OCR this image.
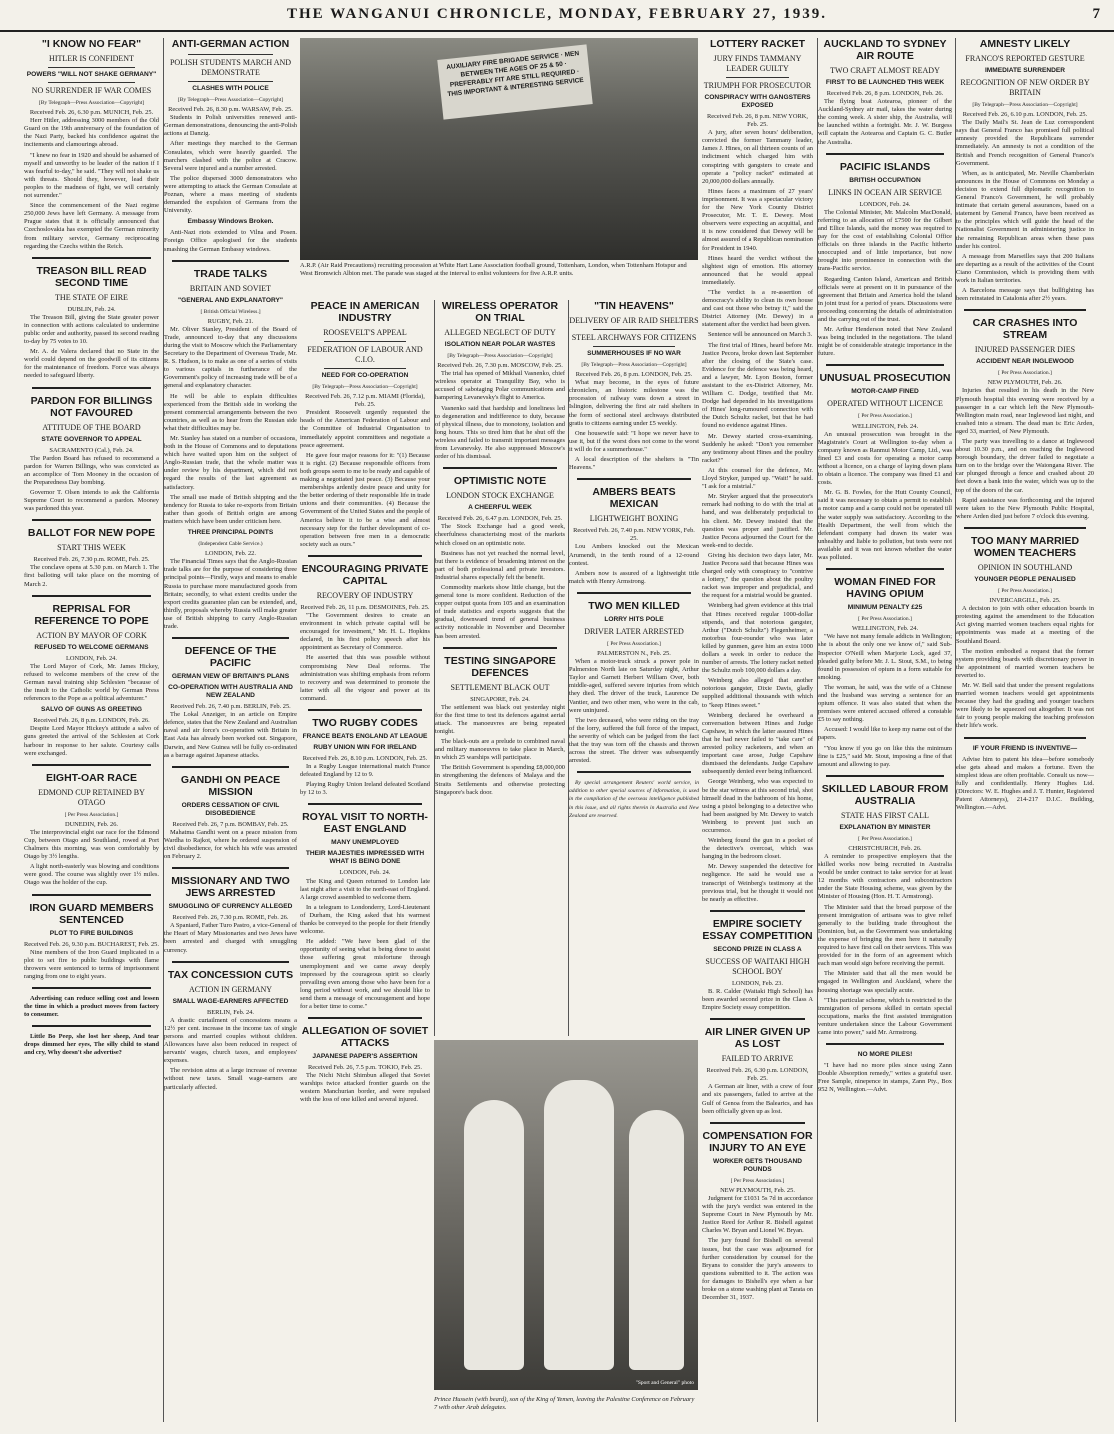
THE WANGANUI CHRONICLE, MONDAY, FEBRUARY 27, 1939.	7
"I KNOW NO FEAR"
HITLER IS CONFIDENT
POWERS "WILL NOT SHAKE GERMANY"
NO SURRENDER IF WAR COMES
[By Telegraph—Press Association—Copyright]
Received Feb. 26, 6.30 p.m. MUNICH, Feb. 25.

Herr Hitler, addressing 3000 members of the Old Guard on the 19th anniversary of the foundation of the Nazi Party, backed his confidence against the incitements and clamourings abroad.

"I knew no fear in 1920 and should be ashamed of myself and unworthy to be leader of the nation if I was fearful to-day," he said. "They will not shake us with threats. Should they, however, lead their peoples to the madness of fight, we will certainly not surrender."

Since the commencement of the Nazi regime 250,000 Jews have left Germany. A message from Prague states that it is officially announced that Czechoslovakia has exempted the German minority from military service, Germany reciprocating regarding the Czechs within the Reich.

TREASON BILL READ SECOND TIME
THE STATE OF EIRE
DUBLIN, Feb. 24.

The Treason Bill, giving the State greater power in connection with actions calculated to undermine public order and authority, passed its second reading to-day by 75 votes to 10.

Mr. A. de Valera declared that no State in the world could depend on the goodwill of its citizens for the maintenance of freedom. Force was always needed to safeguard liberty.

PARDON FOR BILLINGS NOT FAVOURED
ATTITUDE OF THE BOARD
STATE GOVERNOR TO APPEAL
SACRAMENTO (Cal.), Feb. 24.

The Pardon Board has refused to recommend a pardon for Warren Billings, who was convicted as an accomplice of Tom Mooney in the occasion of the Preparedness Day bombing.

Governor T. Olsen intends to ask the California Supreme Court to recommend a pardon. Mooney was pardoned this year.

BALLOT FOR NEW POPE
START THIS WEEK
Received Feb. 26, 7.30 p.m. ROME, Feb. 25.

The conclave opens at 5.30 p.m. on March 1. The first balloting will take place on the morning of March 2.

REPRISAL FOR REFERENCE TO POPE
ACTION BY MAYOR OF CORK
REFUSED TO WELCOME GERMANS
LONDON, Feb. 24.

The Lord Mayor of Cork, Mr. James Hickey, refused to welcome members of the crew of the German naval training ship Schlesien "because of the insult to the Catholic world by German Press references to the Pope as a political adventurer."

SALVO OF GUNS AS GREETING
Received Feb. 26, 8 p.m. LONDON, Feb. 26.

Despite Lord Mayor Hickey's attitude a salvo of guns greeted the arrival of the Schlesien at Cork harbour in response to her salute. Courtesy calls were exchanged.

EIGHT-OAR RACE
EDMOND CUP RETAINED BY OTAGO
[ Per Press Association.]
DUNEDIN, Feb. 26.

The interprovincial eight oar race for the Edmond Cup, between Otago and Southland, rowed at Port Chalmers this morning, was won comfortably by Otago by 3½ lengths.

A light north-easterly was blowing and conditions were good. The course was slightly over 1½ miles. Otago was the holder of the cup.

IRON GUARD MEMBERS SENTENCED
PLOT TO FIRE BUILDINGS
Received Feb. 26, 9.30 p.m. BUCHAREST, Feb. 25.

Nine members of the Iron Guard implicated in a plot to set fire to public buildings with flame throwers were sentenced to terms of imprisonment ranging from one to eight years.

Advertising can reduce selling cost and lessen the time in which a product moves from factory to consumer.

Little Bo Peep, she lost her sheep, And tear drops dimmed her eyes, The silly child to stand and cry, Why doesn't she advertise?

ANTI-GERMAN ACTION
POLISH STUDENTS MARCH AND DEMONSTRATE
CLASHES WITH POLICE
[By Telegraph—Press Association—Copyright]
Received Feb. 26, 8.30 p.m. WARSAW, Feb. 25.

Students in Polish universities renewed anti-German demonstrations, denouncing the anti-Polish actions at Danzig.

After meetings they marched to the German Consulates, which were heavily guarded. The marchers clashed with the police at Cracow. Several were injured and a number arrested.

The police dispersed 3000 demonstrators who were attempting to attack the German Consulate at Poznan, where a mass meeting of students demanded the expulsion of Germans from the University.

Embassy Windows Broken.

Anti-Nazi riots extended to Vilna and Posen. Foreign Office apologised for the students smashing the German Embassy windows.

TRADE TALKS
BRITAIN AND SOVIET
"GENERAL AND EXPLANATORY"
[ British Official Wireless.]
RUGBY, Feb. 21.

Mr. Oliver Stanley, President of the Board of Trade, announced to-day that any discussions during the visit to Moscow which the Parliamentary Secretary to the Department of Overseas Trade, Mr. R. S. Hudson, is to make as one of a series of visits to various capitals in furtherance of the Government's policy of increasing trade will be of a general and explanatory character.

He will be able to explain difficulties experienced from the British side in working the present commercial arrangements between the two countries, as well as to hear from the Russian side what their difficulties may be.

Mr. Stanley has stated on a number of occasions, both in the House of Commons and to deputations which have waited upon him on the subject of Anglo-Russian trade, that the whole matter was under review by his department, which did not regard the results of the last agreement as satisfactory.

The small use made of British shipping and the tendency for Russia to take re-exports from Britain rather than goods of British origin are among matters which have been under criticism here.

THREE PRINCIPAL POINTS
(Independent Cable Service.)
LONDON, Feb. 22.

The Financial Times says that the Anglo-Russian trade talks are for the purpose of considering three principal points—Firstly, ways and means to enable Russia to purchase more manufactured goods from Britain; secondly, to what extent credits under the export credits guarantee plan can be extended, and, thirdly, proposals whereby Russia will make greater use of British shipping to carry Anglo-Russian trade.

DEFENCE OF THE PACIFIC
GERMAN VIEW OF BRITAIN'S PLANS
CO-OPERATION WITH AUSTRALIA AND NEW ZEALAND
Received Feb. 26, 7.40 p.m. BERLIN, Feb. 25.

The Lokal Anzeiger, in an article on Empire defence, states that the New Zealand and Australian naval and air force's co-operation with Britain in East Asia has already been worked out. Singapore, Darwin, and New Guinea will be fully co-ordinated as a barrage against Japanese attacks.

GANDHI ON PEACE MISSION
ORDERS CESSATION OF CIVIL DISOBEDIENCE
Received Feb. 26, 7 p.m. BOMBAY, Feb. 25.

Mahatma Gandhi went on a peace mission from Wardha to Rajkot, where he ordered suspension of civil disobedience, for which his wife was arrested on February 2.

MISSIONARY AND TWO JEWS ARRESTED
SMUGGLING OF CURRENCY ALLEGED
Received Feb. 26, 7.30 p.m. ROME, Feb. 26.

A Spaniard, Father Turo Pastro, a vice-General of the Heart of Mary Missionaries and two Jews have been arrested and charged with smuggling currency.

TAX CONCESSION CUTS
ACTION IN GERMANY
SMALL WAGE-EARNERS AFFECTED
BERLIN, Feb. 24.

A drastic curtailment of concessions means a 12½ per cent. increase in the income tax of single persons and married couples without children. Allowances have also been reduced in respect of servants' wages, church taxes, and employees' expenses.

The revision aims at a large increase of revenue without new taxes. Small wage-earners are particularly affected.

AUXILIARY FIRE BRIGADE SERVICE · MEN BETWEEN THE AGES OF 25 & 50 · PREFERABLY FIT ARE STILL REQUIRED · THIS IMPORTANT & INTERESTING SERVICE
A.R.P. (Air Raid Precautions) recruiting procession at White Hart Lane Association football ground, Tottenham, London, when Tottenham Hotspur and West Bromwich Albion met. The parade was staged at the interval to enlist volunteers for five A.R.P. units.
PEACE IN AMERICAN INDUSTRY
ROOSEVELT'S APPEAL
FEDERATION OF LABOUR AND C.I.O.
NEED FOR CO-OPERATION
[By Telegraph—Press Association—Copyright]
Received Feb. 26, 7.12 p.m. MIAMI (Florida), Feb. 25.

President Roosevelt urgently requested the heads of the American Federation of Labour and the Committee of Industrial Organisation to immediately appoint committees and negotiate a peace agreement.

He gave four major reasons for it: "(1) Because it is right. (2) Because responsible officers from both groups seem to me to be ready and capable of making a negotiated just peace. (3) Because your memberships ardently desire peace and unity for the better ordering of their responsible life in trade unions and their communities. (4) Because the Government of the United States and the people of America believe it to be a wise and almost necessary step for the further development of co-operation between free men in a democratic society such as ours."

ENCOURAGING PRIVATE CAPITAL
RECOVERY OF INDUSTRY
Received Feb. 26, 11 p.m. DESMOINES, Feb. 25.

"The Government desires to create an environment in which private capital will be encouraged for investment," Mr. H. L. Hopkins declared, in his first policy speech after his appointment as Secretary of Commerce.

He asserted that this was possible without compromising New Deal reforms. The administration was shifting emphasis from reform to recovery and was determined to promote the latter with all the vigour and power at its command.

TWO RUGBY CODES
FRANCE BEATS ENGLAND AT LEAGUE
RUBY UNION WIN FOR IRELAND
Received Feb. 26, 8.10 p.m. LONDON, Feb. 25.

In a Rugby League international match France defeated England by 12 to 9.

Playing Rugby Union Ireland defeated Scotland by 12 to 3.

ROYAL VISIT TO NORTH-EAST ENGLAND
MANY UNEMPLOYED
THEIR MAJESTIES IMPRESSED WITH WHAT IS BEING DONE
LONDON, Feb. 24.

The King and Queen returned to London late last night after a visit to the north-east of England. A large crowd assembled to welcome them.

In a telegram to Londonderry, Lord-Lieutenant of Durham, the King asked that his warmest thanks be conveyed to the people for their friendly welcome.

He added: "We have been glad of the opportunity of seeing what is being done to assist those suffering great misfortune through unemployment and we came away deeply impressed by the courageous spirit so clearly prevailing even among those who have been for a long period without work, and we should like to send them a message of encouragement and hope for a better time to come."

ALLEGATION OF SOVIET ATTACKS
JAPANESE PAPER'S ASSERTION
Received Feb. 26, 7.5 p.m. TOKIO, Feb. 25.

The Nichi Nichi Shimbun alleged that Soviet warships twice attacked frontier guards on the western Manchurian border, and were repulsed with the loss of one killed and several injured.

WIRELESS OPERATOR ON TRIAL
ALLEGED NEGLECT OF DUTY
ISOLATION NEAR POLAR WASTES
[By Telegraph—Press Association—Copyright]
Received Feb. 26, 7.30 p.m. MOSCOW, Feb. 25.

The trial has opened of Mikhail Vasnenko, chief wireless operator at Tranquility Bay, who is accused of sabotaging Polar communications and hampering Levanevsky's flight to America.

Vasnenko said that hardship and loneliness led to degeneration and indifference to duty, because of physical illness, due to monotony, isolation and long hours. This so tired him that he shut off the wireless and failed to transmit important messages from Levanevsky. He also suppressed Moscow's order of his dismissal.

OPTIMISTIC NOTE
LONDON STOCK EXCHANGE
A CHEERFUL WEEK
Received Feb. 26, 6.47 p.m. LONDON, Feb. 25.

The Stock Exchange had a good week, cheerfulness characterising most of the markets which closed on an optimistic note.

Business has not yet reached the normal level, but there is evidence of broadening interest on the part of both professional and private investors. Industrial shares especially felt the benefit.

Commodity markets show little change, but the general tone is more confident. Reduction of the copper output quota from 105 and an examination of trade statistics and exports suggests that the gradual, downward trend of general business activity noticeable in November and December has been arrested.

TESTING SINGAPORE DEFENCES
SETTLEMENT BLACK OUT
SINGAPORE, Feb. 24.

The settlement was black out yesterday night for the first time to test its defences against aerial attack. The manoeuvres are being repeated tonight.

The black-outs are a prelude to combined naval and military manoeuvres to take place in March, in which 25 warships will participate.

The British Government is spending £8,000,000 in strengthening the defences of Malaya and the Straits Settlements and otherwise protecting Singapore's back door.

"TIN HEAVENS"
DELIVERY OF AIR RAID SHELTERS
STEEL ARCHWAYS FOR CITIZENS
SUMMERHOUSES IF NO WAR
[By Telegraph—Press Association—Copyright]
Received Feb. 26, 8 p.m. LONDON, Feb. 25.

What may become, in the eyes of future chroniclers, an historic milestone was the procession of railway vans down a street in Islington, delivering the first air raid shelters in the form of sectional steel archways distributed gratis to citizens earning under £5 weekly.

One housewife said: "I hope we never have to use it, but if the worst does not come to the worst it will do for a summerhouse."

A local description of the shelters is "Tin Heavens."

AMBERS BEATS MEXICAN
LIGHTWEIGHT BOXING
Received Feb. 26, 7.40 p.m. NEW YORK, Feb. 25.

Lou Ambers knocked out the Mexican Arumendi, in the tenth round of a 12-round contest.

Ambers now is assured of a lightweight title match with Henry Armstrong.

TWO MEN KILLED
LORRY HITS POLE
DRIVER LATER ARRESTED
[ Per Press Association.]
PALMERSTON N., Feb. 25.

When a motor-truck struck a power pole in Palmerston North late on Saturday night, Arthur Taylor and Garnett Herbert William Over, both middle-aged, suffered severe injuries from which they died. The driver of the truck, Laurence De Vantier, and two other men, who were in the cab, were uninjured.

The two deceased, who were riding on the tray of the lorry, suffered the full force of the impact, the severity of which can be judged from the fact that the tray was torn off the chassis and thrown across the street. The driver was subsequently arrested.

By special arrangement Reuters' world service, in addition to other special sources of information, is used in the compilation of the overseas intelligence published in this issue, and all rights therein in Australia and New Zealand are reserved.

"Sport and General" photo
Prince Hussein (with beard), son of the King of Yemen, leaving the Palestine Conference on February 7 with other Arab delegates.
LOTTERY RACKET
JURY FINDS TAMMANY LEADER GUILTY
TRIUMPH FOR PROSECUTOR
CONSPIRACY WITH GANGSTERS EXPOSED
Received Feb. 26, 8 p.m. NEW YORK, Feb. 25.

A jury, after seven hours' deliberation, convicted the former Tammany leader, James J. Hines, on all thirteen counts of an indictment which charged him with conspiring with gangsters to create and operate a "policy racket" estimated at 20,000,000 dollars annually.

Hines faces a maximum of 27 years' imprisonment. It was a spectacular victory for the New York County District Prosecutor, Mr. T. E. Dewey. Most observers were expecting an acquittal, and it is now considered that Dewey will be almost assured of a Republican nomination for President in 1940.

Hines heard the verdict without the slightest sign of emotion. His attorney announced that he would appeal immediately.

"The verdict is a re-assertion of democracy's ability to clean its own house and cast out those who betray it," said the District Attorney (Mr. Dewey) in a statement after the verdict had been given.

Sentence will be announced on March 3.

The first trial of Hines, heard before Mr. Justice Pecora, broke down last September after the closing of the State's case. Evidence for the defence was being heard, and a lawyer, Mr. Lyon Boston, former assistant to the ex-District Attorney, Mr. William C. Dodge, testified that Mr. Dodge had depended in his investigations of Hines' long-rumoured connection with the Dutch Schultz racket, but that he had found no evidence against Hines.

Mr. Dewey started cross-examining. Suddenly he asked: "Don't you remember any testimony about Hines and the poultry racket?"

At this counsel for the defence, Mr. Lloyd Stryker, jumped up. "Wait!" he said. "I ask for a mistrial."

Mr. Stryker argued that the prosecutor's remark had nothing to do with the trial at hand, and was deliberately prejudicial to his client. Mr. Dewey insisted that the question was proper and justified. Mr. Justice Pecora adjourned the Court for the week-end to decide.

Giving his decision two days later, Mr. Justice Pecora said that because Hines was charged only with conspiracy to "contrive a lottery," the question about the poultry racket was improper and prejudicial, and the request for a mistrial would be granted.

Weinberg had given evidence at this trial that Hines received regular 1000-dollar stipends, and that notorious gangster, Arthur ("Dutch Schultz") Flegenheimer, a motorbus four-rounder who was later killed by gunmen, gave him an extra 1000 dollars a week in order to reduce the number of arrests. The lottery racket netted the Schultz mob 100,000 dollars a day.

Weinberg also alleged that another notorious gangster, Dixie Davis, gladly supplied additional thousands with which to "keep Hines sweet."

Weinberg declared he overheard a conversation between Hines and Judge Capshaw, in which the latter assured Hines that he had never failed to "take care" of arrested policy racketeers, and when an important case arose, Judge Capshaw dismissed the defendants. Judge Capshaw subsequently denied ever being influenced.

George Weinberg, who was expected to be the star witness at this second trial, shot himself dead in the bathroom of his home, using a pistol belonging to a detective who had been assigned by Mr. Dewey to watch Weinberg to prevent just such an occurrence.

Weinberg found the gun in a pocket of the detective's overcoat, which was hanging in the bedroom closet.

Mr. Dewey suspended the detective for negligence. He said he would use a transcript of Weinberg's testimony at the previous trial, but he thought it would not be nearly as effective.

EMPIRE SOCIETY ESSAY COMPETITION
SECOND PRIZE IN CLASS A
SUCCESS OF WAITAKI HIGH SCHOOL BOY
LONDON, Feb. 23.

B. R. Calder (Waitaki High School) has been awarded second prize in the Class A Empire Society essay competition.

AIR LINER GIVEN UP AS LOST
FAILED TO ARRIVE
Received Feb. 26, 6.30 p.m. LONDON, Feb. 25.

A German air liner, with a crew of four and six passengers, failed to arrive at the Gulf of Genoa from the Balearics, and has been officially given up as lost.

COMPENSATION FOR INJURY TO AN EYE
WORKER GETS THOUSAND POUNDS
[ Per Press Association.]
NEW PLYMOUTH, Feb. 25.

Judgment for £1031 5s 7d in accordance with the jury's verdict was entered in the Supreme Court in New Plymouth by Mr. Justice Reed for Arthur R. Bishell against Charles W. Bryan and Lionel W. Bryan.

The jury found for Bishell on several issues, but the case was adjourned for further consideration by counsel for the Bryans to consider the jury's answers to questions submitted to it. The action was for damages to Bishell's eye when a bar broke on a stone washing plant at Tarata on December 31, 1937.

AUCKLAND TO SYDNEY AIR ROUTE
TWO CRAFT ALMOST READY
FIRST TO BE LAUNCHED THIS WEEK
Received Feb. 26, 8 p.m. LONDON, Feb. 26.

The flying boat Aotearoa, pioneer of the Auckland-Sydney air mail, takes the water during the coming week. A sister ship, the Australia, will be launched within a fortnight. Mr. J. W. Burgess will captain the Aotearoa and Captain G. C. Butler the Australia.

PACIFIC ISLANDS
BRITISH OCCUPATION
LINKS IN OCEAN AIR SERVICE
LONDON, Feb. 24.

The Colonial Minister, Mr. Malcolm MacDonald, referring to an allocation of £7500 for the Gilbert and Ellice Islands, said the money was required to pay for the cost of establishing Colonial Office officials on three islands in the Pacific hitherto unoccupied and of little importance, but now brought into prominence in connection with the trans-Pacific service.

Regarding Canton Island, American and British officials were at present on it in pursuance of the agreement that Britain and America hold the island in joint trust for a period of years. Discussions were proceeding concerning the details of administration and the carrying out of the trust.

Mr. Arthur Henderson noted that New Zealand was being included in the negotiations. The island might be of considerable strategic importance in the future.

UNUSUAL PROSECUTION
MOTOR-CAMP FINED
OPERATED WITHOUT LICENCE
[ Per Press Association.]
WELLINGTON, Feb. 24.

An unusual prosecution was brought in the Magistrate's Court at Wellington to-day when a company known as Ranmui Motor Camp, Ltd., was fined £3 and costs for operating a motor camp without a licence, on a charge of laying down plans to obtain a licence. The company was fined £1 and costs.

Mr. G. B. Fowles, for the Hutt County Council, said it was necessary to obtain a permit to establish a motor camp and a camp could not be operated till the water supply was satisfactory. According to the Health Department, the well from which the defendant company had drawn its water was unhealthy and liable to pollution, but tests were not available and it was not known whether the water was polluted.

WOMAN FINED FOR HAVING OPIUM
MINIMUM PENALTY £25
[ Per Press Association.]
WELLINGTON, Feb. 24.

"We have not many female addicts in Wellington; she is about the only one we know of," said Sub-Inspector O'Neill when Marjorie Lock, aged 37, pleaded guilty before Mr. J. L. Stout, S.M., to being found in possession of opium in a form suitable for smoking.

The woman, he said, was the wife of a Chinese and the husband was serving a sentence for an opium offence. It was also stated that when the premises were entered accused offered a constable £5 to say nothing.

Accused: I would like to keep my name out of the papers.

"You know if you go on like this the minimum fine is £25," said Mr. Stout, imposing a fine of that amount and allowing to pay.

SKILLED LABOUR FROM AUSTRALIA
STATE HAS FIRST CALL
EXPLANATION BY MINISTER
[ Per Press Association.]
CHRISTCHURCH, Feb. 26.

A reminder to prospective employers that the skilled works now being recruited in Australia would be under contract to take service for at least 12 months with contractors and subcontractors under the State Housing scheme, was given by the Minister of Housing (Hon. H. T. Armstrong).

The Minister said that the broad purpose of the present immigration of artisans was to give relief generally to the building trade throughout the Dominion, but, as the Government was undertaking the expense of bringing the men here it naturally required to have first call on their services. This was provided for in the form of an agreement which each man would sign before receiving the permit.

The Minister said that all the men would be engaged in Wellington and Auckland, where the housing shortage was specially acute.

"This particular scheme, which is restricted to the immigration of persons skilled in certain special occupations, marks the first assisted immigration venture undertaken since the Labour Government came into power," said Mr. Armstrong.

NO MORE PILES!

"I have had no more piles since using Zann Double Absorption remedy," writes a grateful user. Free Sample, ninepence in stamps, Zann Pty., Box 952 N, Wellington.—Advt.

AMNESTY LIKELY
FRANCO'S REPORTED GESTURE
IMMEDIATE SURRENDER
RECOGNITION OF NEW ORDER BY BRITAIN
[By Telegraph—Press Association—Copyright]
Received Feb. 26, 6.10 p.m. LONDON, Feb. 25.

The Daily Mail's St. Jean de Luz correspondent says that General Franco has promised full political amnesty provided the Republicans surrender immediately. An amnesty is not a condition of the British and French recognition of General Franco's Government.

When, as is anticipated, Mr. Neville Chamberlain announces in the House of Commons on Monday a decision to extend full diplomatic recognition to General Franco's Government, he will probably intimate that certain general assurances, based on a statement by General Franco, have been received as to the principles which will guide the head of the Nationalist Government in administering justice in the remaining Republican areas when these pass under his control.

A message from Marseilles says that 200 Italians are departing as a result of the activities of the Count Ciano Commission, which is providing them with work in Italian territories.

A Barcelona message says that bullfighting has been reinstated in Catalonia after 2½ years.

CAR CRASHES INTO STREAM
INJURED PASSENGER DIES
ACCIDENT NEAR INGLEWOOD
[ Per Press Association.]
NEW PLYMOUTH, Feb. 26.

Injuries that resulted in his death in the New Plymouth hospital this evening were received by a passenger in a car which left the New Plymouth-Wellington main road, near Inglewood last night, and crashed into a stream. The dead man is: Eric Arden, aged 33, married, of New Plymouth.

The party was travelling to a dance at Inglewood about 10.30 p.m., and on reaching the Inglewood borough boundary, the driver failed to negotiate a turn on to the bridge over the Waiongana River. The car plunged through a fence and crashed about 20 feet down a bank into the water, which was up to the top of the doors of the car.

Rapid assistance was forthcoming and the injured were taken to the New Plymouth Public Hospital, where Arden died just before 7 o'clock this evening.

TOO MANY MARRIED WOMEN TEACHERS
OPINION IN SOUTHLAND
YOUNGER PEOPLE PENALISED
[ Per Press Association.]
INVERCARGILL, Feb. 25.

A decision to join with other education boards in protesting against the amendment to the Education Act giving married women teachers equal rights for appointments was made at a meeting of the Southland Board.

The motion embodied a request that the former system providing boards with discretionary power in the appointment of married women teachers be reverted to.

Mr. W. Bell said that under the present regulations married women teachers would get appointments because they had the grading and younger teachers were likely to be squeezed out altogether. It was not fair to young people making the teaching profession their life's work.

IF YOUR FRIEND IS INVENTIVE—

Advise him to patent his idea—before somebody else gets ahead and makes a fortune. Even the simplest ideas are often profitable. Consult us now—fully and confidentially. Henry Hughes Ltd. (Directors: W. E. Hughes and J. T. Hunter, Registered Patent Attorneys), 214-217 D.I.C. Building, Wellington.—Advt.
